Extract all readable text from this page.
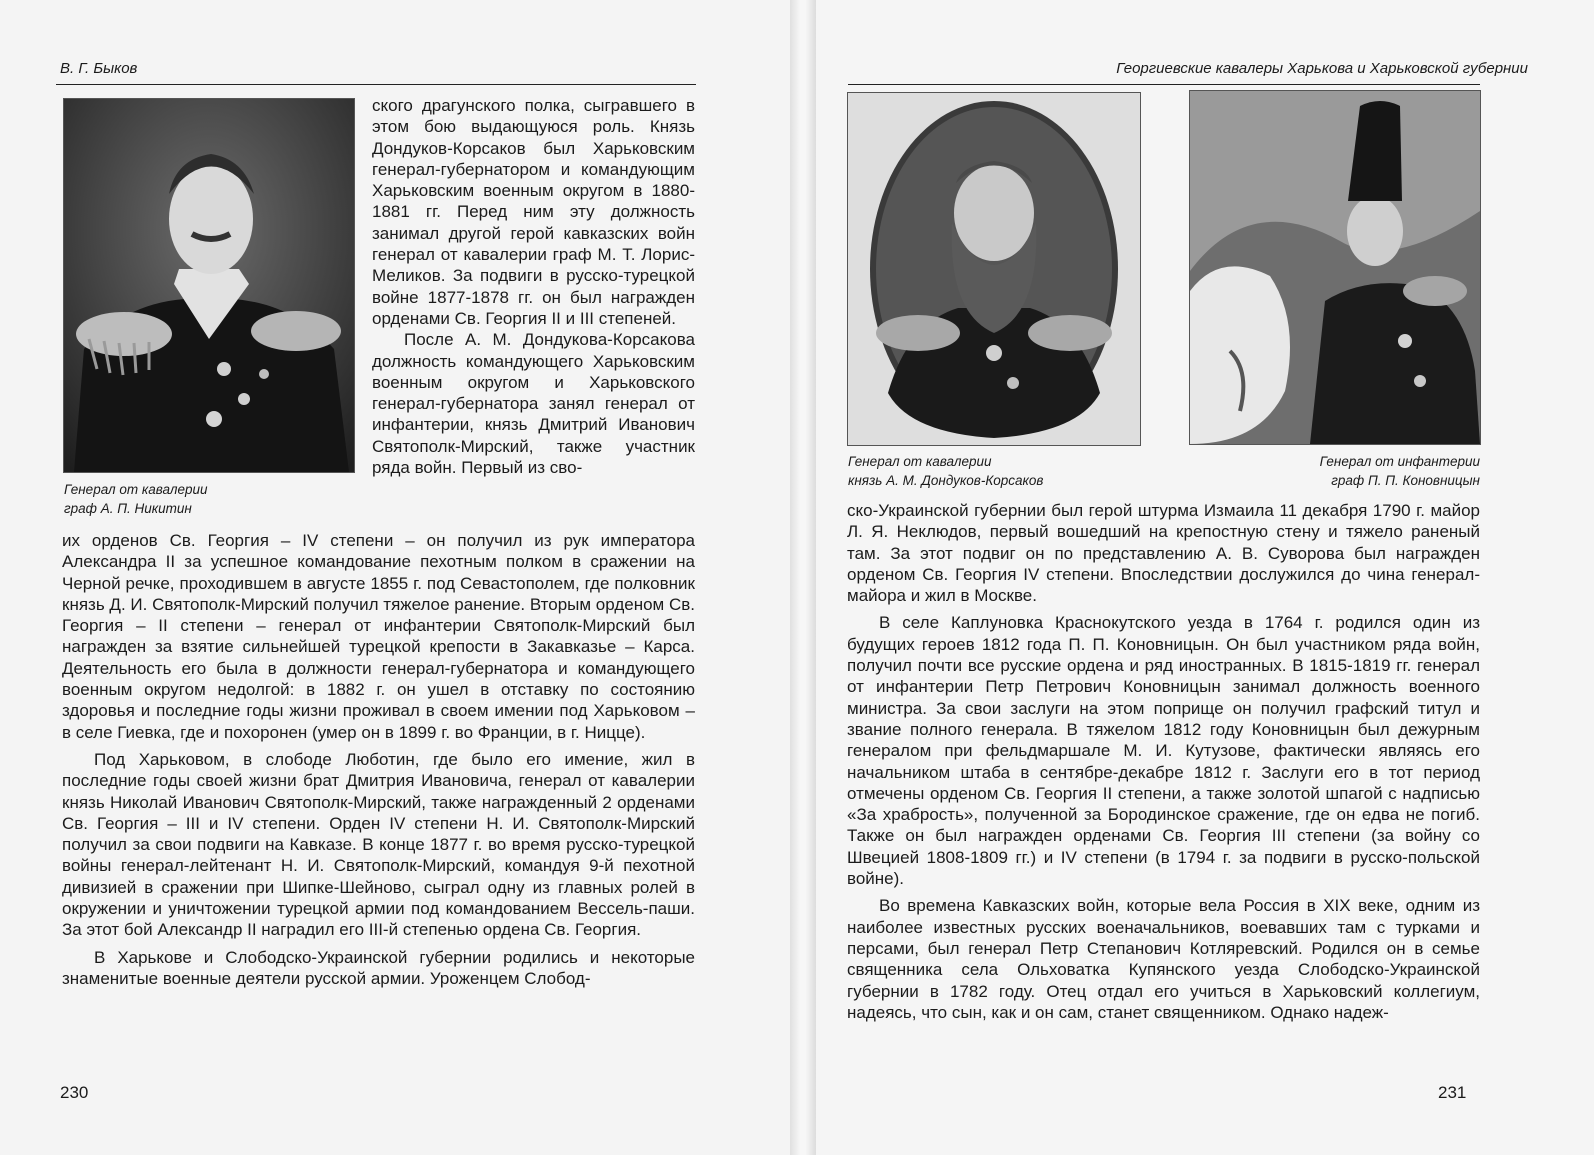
В. Г. Быков
Генерал от кавалерии
граф А. П. Никитин

ского драгунского полка, сыгравшего в этом бою выдающуюся роль. Князь Дондуков-Корсаков был Харьковским генерал-губернатором и командующим Харьковским военным округом в 1880-1881 гг. Перед ним эту должность занимал другой герой кавказских войн генерал от кавалерии граф М. Т. Лорис-Меликов. За подвиги в русско-турецкой войне 1877-1878 гг. он был награжден орденами Св. Георгия II и III степеней.

После А. М. Дондукова-Корсакова должность командующего Харьковским военным округом и Харьковского генерал-губернатора занял генерал от инфантерии, князь Дмитрий Иванович Святополк-Мирский, также участник ряда войн. Первый из сво-

их орденов Св. Георгия – IV степени – он получил из рук императора Александра II за успешное командование пехотным полком в сражении на Черной речке, проходившем в августе 1855 г. под Севастополем, где полковник князь Д. И. Святополк-Мирский получил тяжелое ранение. Вторым орденом Св. Георгия – II степени – генерал от инфантерии Святополк-Мирский был награжден за взятие сильнейшей турецкой крепости в Закавказье – Карса. Деятельность его была в должности генерал-губернатора и командующего военным округом недолгой: в 1882 г. он ушел в отставку по состоянию здоровья и последние годы жизни проживал в своем имении под Харьковом – в селе Гиевка, где и похоронен (умер он в 1899 г. во Франции, в г. Ницце).

Под Харьковом, в слободе Люботин, где было его имение, жил в последние годы своей жизни брат Дмитрия Ивановича, генерал от кавалерии князь Николай Иванович Святополк-Мирский, также награжденный 2 орденами Св. Георгия – III и IV степени. Орден IV степени Н. И. Святополк-Мирский получил за свои подвиги на Кавказе. В конце 1877 г. во время русско-турецкой войны генерал-лейтенант Н. И. Святополк-Мирский, командуя 9-й пехотной дивизией в сражении при Шипке-Шейново, сыграл одну из главных ролей в окружении и уничтожении турецкой армии под командованием Вессель-паши. За этот бой Александр II наградил его III-й степенью ордена Св. Георгия.

В Харькове и Слободско-Украинской губернии родились и некоторые знаменитые военные деятели русской армии. Уроженцем Слобод-

230
Георгиевские кавалеры Харькова и Харьковской губернии
Генерал от кавалерии
князь А. М. Дондуков-Корсаков
Генерал от инфантерии
граф П. П. Коновницын

ско-Украинской губернии был герой штурма Измаила 11 декабря 1790 г. майор Л. Я. Неклюдов, первый вошедший на крепостную стену и тяжело раненый там. За этот подвиг он по представлению А. В. Суворова был награжден орденом Св. Георгия IV степени. Впоследствии дослужился до чина генерал-майора и жил в Москве.

В селе Каплуновка Краснокутского уезда в 1764 г. родился один из будущих героев 1812 года П. П. Коновницын. Он был участником ряда войн, получил почти все русские ордена и ряд иностранных. В 1815-1819 гг. генерал от инфантерии Петр Петрович Коновницын занимал должность военного министра. За свои заслуги на этом поприще он получил графский титул и звание полного генерала. В тяжелом 1812 году Коновницын был дежурным генералом при фельдмаршале М. И. Кутузове, фактически являясь его начальником штаба в сентябре-декабре 1812 г. Заслуги его в тот период отмечены орденом Св. Георгия II степени, а также золотой шпагой с надписью «За храбрость», полученной за Бородинское сражение, где он едва не погиб. Также он был награжден орденами Св. Георгия III степени (за войну со Швецией 1808-1809 гг.) и IV степени (в 1794 г. за подвиги в русско-польской войне).

Во времена Кавказских войн, которые вела Россия в XIX веке, одним из наиболее известных русских военачальников, воевавших там с турками и персами, был генерал Петр Степанович Котляревский. Родился он в семье священника села Ольховатка Купянского уезда Слободско-Украинской губернии в 1782 году. Отец отдал его учиться в Харьковский коллегиум, надеясь, что сын, как и он сам, станет священником. Однако надеж-

231
